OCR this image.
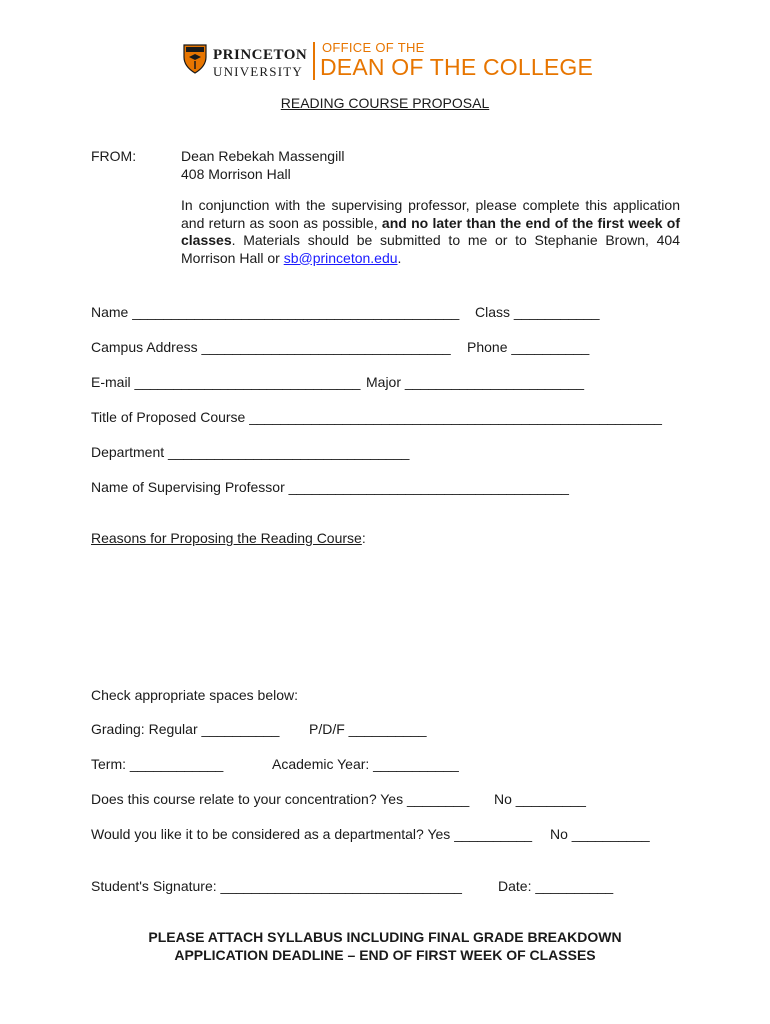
PRINCETON
UNIVERSITY
OFFICE OF THE
DEAN OF THE COLLEGE
READING COURSE PROPOSAL
FROM:	Dean Rebekah Massengill
408 Morrison Hall
In conjunction with the supervising professor, please complete this application and return as soon as possible, and no later than the end of the first week of classes. Materials should be submitted to me or to Stephanie Brown, 404 Morrison Hall or sb@princeton.edu.
Name __________________________________________ Class ___________
Campus Address ________________________________ Phone __________
E-mail _____________________________ Major _______________________
Title of Proposed Course _____________________________________________________
Department _______________________________
Name of Supervising Professor ____________________________________
Reasons for Proposing the Reading Course:
Check appropriate spaces below:
Grading: Regular __________ P/D/F __________
Term: ____________	Academic Year: ___________
Does this course relate to your concentration? Yes ________ No _________
Would you like it to be considered as a departmental? Yes __________ No __________
Student's Signature: _______________________________	Date: __________
PLEASE ATTACH SYLLABUS INCLUDING FINAL GRADE BREAKDOWN
APPLICATION DEADLINE – END OF FIRST WEEK OF CLASSES
